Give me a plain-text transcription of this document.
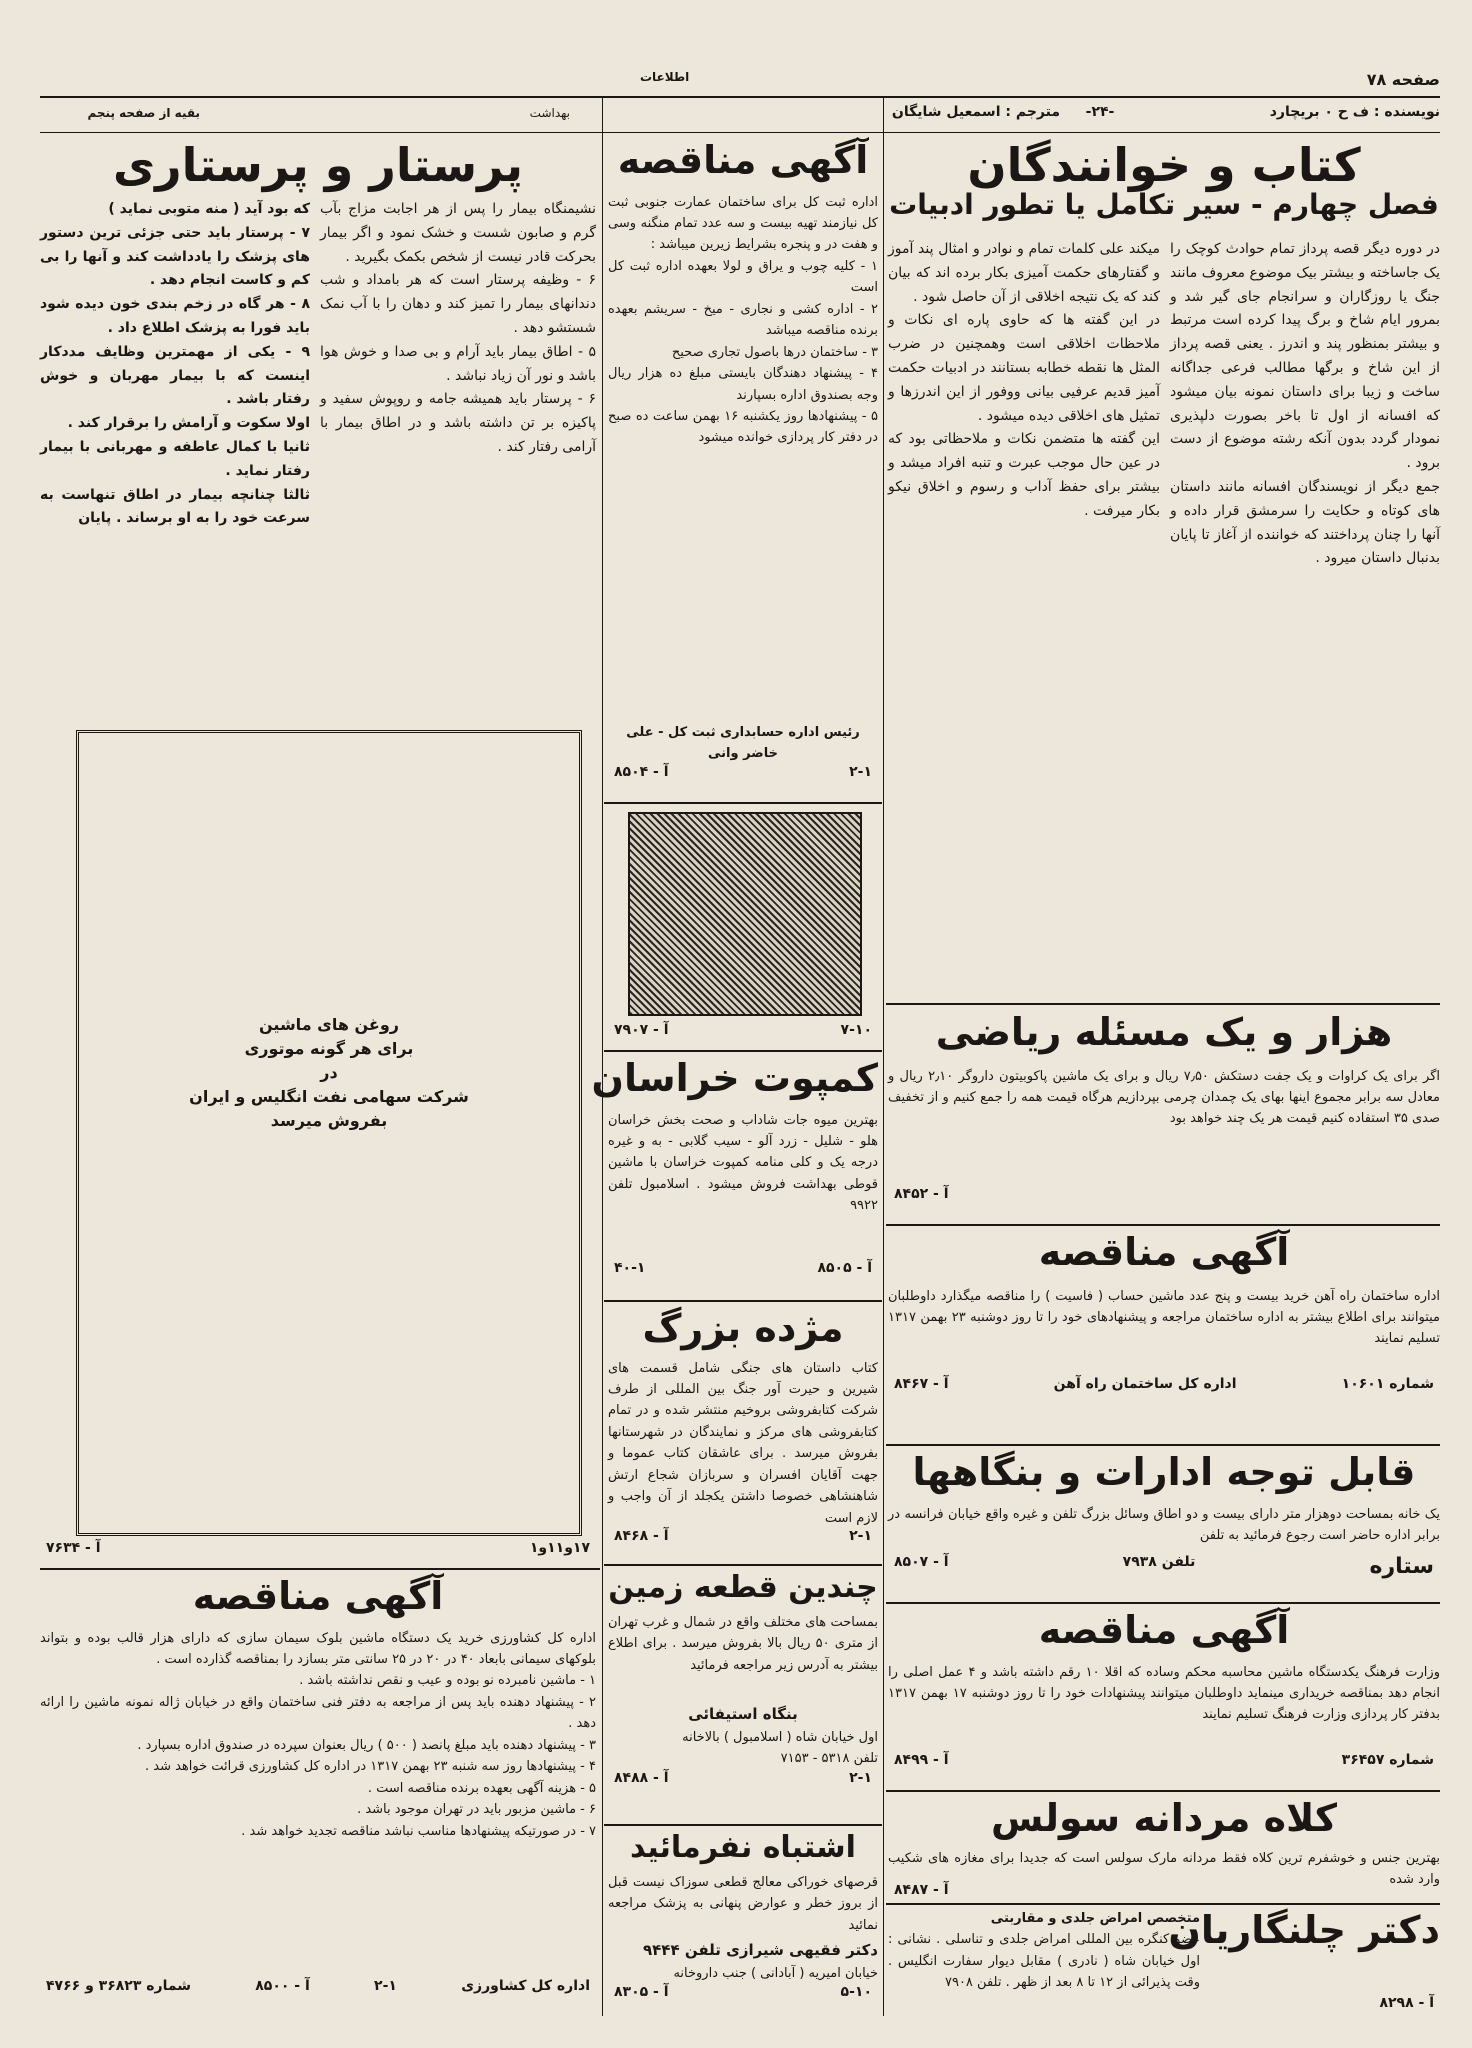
صفحه ۷۸
اطلاعات
نویسنده : ف ح ۰ بریچارد
-۲۴-
مترجم : اسمعیل شایگان
بقیه از صفحه پنجم	بهداشت
کتاب و خوانندگان
فصل چهارم - سیر تکامل یا تطور ادبیات
در دوره دیگر قصه پرداز تمام حوادث کوچک را یک جاساخته و بیشتر بیک موضوع معروف مانند جنگ یا روزگاران و سرانجام جای گیر شد و بمرور ایام شاخ و برگ پیدا کرده است مرتبط و بیشتر بمنظور پند و اندرز . یعنی قصه پرداز از این شاخ و برگها مطالب فرعی جداگانه ساخت و زیبا برای داستان نمونه بیان میشود که افسانه از اول تا باخر بصورت دلپذیری نمودار گردد بدون آنکه رشته موضوع از دست برود .
جمع دیگر از نویسندگان افسانه مانند داستان های کوتاه و حکایت را سرمشق قرار داده و آنها را چنان پرداختند که خواننده از آغاز تا پایان بدنبال داستان میرود .
میکند علی کلمات تمام و نوادر و امثال پند آموز و گفتارهای حکمت آمیزی بکار برده اند که بیان کند که یک نتیجه اخلاقی از آن حاصل شود .
در این گفته ها که حاوی پاره ای نکات و ملاحظات اخلاقی است وهمچنین در ضرب المثل ها نقطه خطابه بستانند در ادبیات حکمت آمیز قدیم عرفیی بیانی ووفور از این اندرزها و تمثیل های اخلاقی دیده میشود .
این گفته ها متضمن نکات و ملاحظاتی بود که در عین حال موجب عبرت و تنبه افراد میشد و بیشتر برای حفظ آداب و رسوم و اخلاق نیکو بکار میرفت .
هزار و یک مسئله ریاضی
اگر برای یک کراوات و یک جفت دستکش ۷٫۵۰ ریال و برای یک ماشین پاکوبیتون داروگر ۲٫۱۰ ریال و معادل سه برابر مجموع اینها بهای یک چمدان چرمی بپردازیم هرگاه قیمت همه را جمع کنیم و از تخفیف صدی ۳۵ استفاده کنیم قیمت هر یک چند خواهد بود
آ - ۸۴۵۲
آگهی مناقصه
اداره ساختمان راه آهن خرید بیست و پنج عدد ماشین حساب ( فاسیت ) را مناقصه میگذارد داوطلبان میتوانند برای اطلاع بیشتر به اداره ساختمان مراجعه و پیشنهادهای خود را تا روز دوشنبه ۲۳ بهمن ۱۳۱۷ تسلیم نمایند
شماره ۱۰۶۰۱
اداره کل ساختمان راه آهن
آ - ۸۴۶۷
قابل توجه ادارات و بنگاهها
یک خانه بمساحت دوهزار متر دارای بیست و دو اطاق وسائل بزرگ تلفن و غیره واقع خیابان فرانسه در برابر اداره حاضر است رجوع فرمائید به تلفن
ستاره
تلفن ۷۹۳۸
آ - ۸۵۰۷
آگهی مناقصه
وزارت فرهنگ یکدستگاه ماشین محاسبه محکم وساده که اقلا ۱۰ رقم داشته باشد و ۴ عمل اصلی را انجام دهد بمناقصه خریداری مینماید داوطلبان میتوانند پیشنهادات خود را تا روز دوشنبه ۱۷ بهمن ۱۳۱۷ بدفتر کار پردازی وزارت فرهنگ تسلیم نمایند
شماره ۳۶۴۵۷
آ - ۸۴۹۹
کلاه مردانه سولس
بهترین جنس و خوشفرم ترین کلاه فقط مردانه مارک سولس است که جدیدا برای مغازه های شکیب وارد شده
آ - ۸۴۸۷
دکتر چلنگاریان
متخصص امراض جلدی و مقاربتی
عضو کنگره بین المللی امراض جلدی و تناسلی . نشانی : اول خیابان شاه ( نادری ) مقابل دیوار سفارت انگلیس . وقت پذیرائی از ۱۲ تا ۸ بعد از ظهر . تلفن ۷۹۰۸
آ - ۸۲۹۸
آگهی مناقصه
اداره ثبت کل برای ساختمان عمارت جنوبی ثبت کل نیازمند تهیه بیست و سه عدد تمام منگنه وسی و هفت در و پنجره بشرایط زیرین میباشد :
۱ - کلیه چوب و یراق و لولا بعهده اداره ثبت کل است
۲ - اداره کشی و نجاری - میخ - سریشم بعهده برنده مناقصه میباشد
۳ - ساختمان درها باصول تجاری صحیح
۴ - پیشنهاد دهندگان بایستی مبلغ ده هزار ریال وجه بصندوق اداره بسپارند
۵ - پیشنهادها روز یکشنبه ۱۶ بهمن ساعت ده صبح در دفتر کار پردازی خوانده میشود
رئیس اداره حسابداری ثبت کل - علی خاضر وانی
۲-۱
آ - ۸۵۰۴
۷-۱۰
آ - ۷۹۰۷
کمپوت خراسان
بهترین میوه جات شاداب و صحت بخش خراسان هلو - شلیل - زرد آلو - سیب گلابی - به و غیره درجه یک و کلی منامه کمپوت خراسان با ماشین قوطی بهداشت فروش میشود . اسلامبول تلفن ۹۹۲۲
آ - ۸۵۰۵
۴۰-۱
مژده بزرگ
کتاب داستان های جنگی شامل قسمت های شیرین و حیرت آور جنگ بین المللی از طرف شرکت کتابفروشی بروخیم منتشر شده و در تمام کتابفروشی های مرکز و نمایندگان در شهرستانها بفروش میرسد . برای عاشقان کتاب عموما و جهت آقایان افسران و سربازان شجاع ارتش شاهنشاهی خصوصا داشتن یکجلد از آن واجب و لازم است
۲-۱
آ - ۸۴۶۸
چندین قطعه زمین
بمساحت های مختلف واقع در شمال و غرب تهران از متری ۵۰ ریال بالا بفروش میرسد . برای اطلاع بیشتر به آدرس زیر مراجعه فرمائید
بنگاه استیفائی
اول خیابان شاه ( اسلامبول ) بالاخانه
تلفن ۵۳۱۸ - ۷۱۵۳
۲-۱
آ - ۸۴۸۸
اشتباه نفرمائید
قرصهای خوراکی معالج قطعی سوزاک نیست قبل از بروز خطر و عوارض پنهانی به پزشک مراجعه نمائید
دکتر فقیهی شیرازی تلفن ۹۴۴۴
خیابان امیریه ( آبادانی ) جنب داروخانه
۵-۱۰
آ - ۸۳۰۵
پرستار و پرستاری
نشیمنگاه بیمار را پس از هر اجابت مزاج بآب گرم و صابون شست و خشک نمود و اگر بیمار بحرکت قادر نیست از شخص بکمک بگیرید .
۶ - وظیفه پرستار است که هر بامداد و شب دندانهای بیمار را تمیز کند و دهان را با آب نمک شستشو دهد .
۵ - اطاق بیمار باید آرام و بی صدا و خوش هوا باشد و نور آن زیاد نباشد .
۶ - پرستار باید همیشه جامه و روپوش سفید و پاکیزه بر تن داشته باشد و در اطاق بیمار با آرامی رفتار کند .
که بود آید ( منه متوبی نماید )
۷ - پرستار باید حتی جزئی ترین دستور های پزشک را یادداشت کند و آنها را بی کم و کاست انجام دهد .
۸ - هر گاه در زخم بندی خون دیده شود باید فورا به پزشک اطلاع داد .
۹ - یکی از مهمترین وظایف مددکار اینست که با بیمار مهربان و خوش رفتار باشد .
اولا سکوت و آرامش را برقرار کند .
ثانیا با کمال عاطفه و مهربانی با بیمار رفتار نماید .
ثالثا چنانچه بیمار در اطاق تنهاست به سرعت خود را به او برساند . پایان
روغن های ماشین
برای هر گونه موتوری
در
شرکت سهامی نفت انگلیس و ایران
بفروش میرسد
۱۷و۱۱و۱
آ - ۷۶۳۴
آگهی مناقصه
اداره کل کشاورزی خرید یک دستگاه ماشین بلوک سیمان سازی که دارای هزار قالب بوده و بتواند بلوکهای سیمانی بابعاد ۴۰ در ۲۰ در ۲۵ سانتی متر بسازد را بمناقصه گذارده است .
۱ - ماشین نامبرده نو بوده و عیب و نقص نداشته باشد .
۲ - پیشنهاد دهنده باید پس از مراجعه به دفتر فنی ساختمان واقع در خیابان ژاله نمونه ماشین را ارائه دهد .
۳ - پیشنهاد دهنده باید مبلغ پانصد ( ۵۰۰ ) ریال بعنوان سپرده در صندوق اداره بسپارد .
۴ - پیشنهادها روز سه شنبه ۲۳ بهمن ۱۳۱۷ در اداره کل کشاورزی قرائت خواهد شد .
۵ - هزینه آگهی بعهده برنده مناقصه است .
۶ - ماشین مزبور باید در تهران موجود باشد .
۷ - در صورتیکه پیشنهادها مناسب نباشد مناقصه تجدید خواهد شد .
اداره کل کشاورزی
۲-۱
آ - ۸۵۰۰
شماره ۳۶۸۲۳ و ۴۷۶۶
